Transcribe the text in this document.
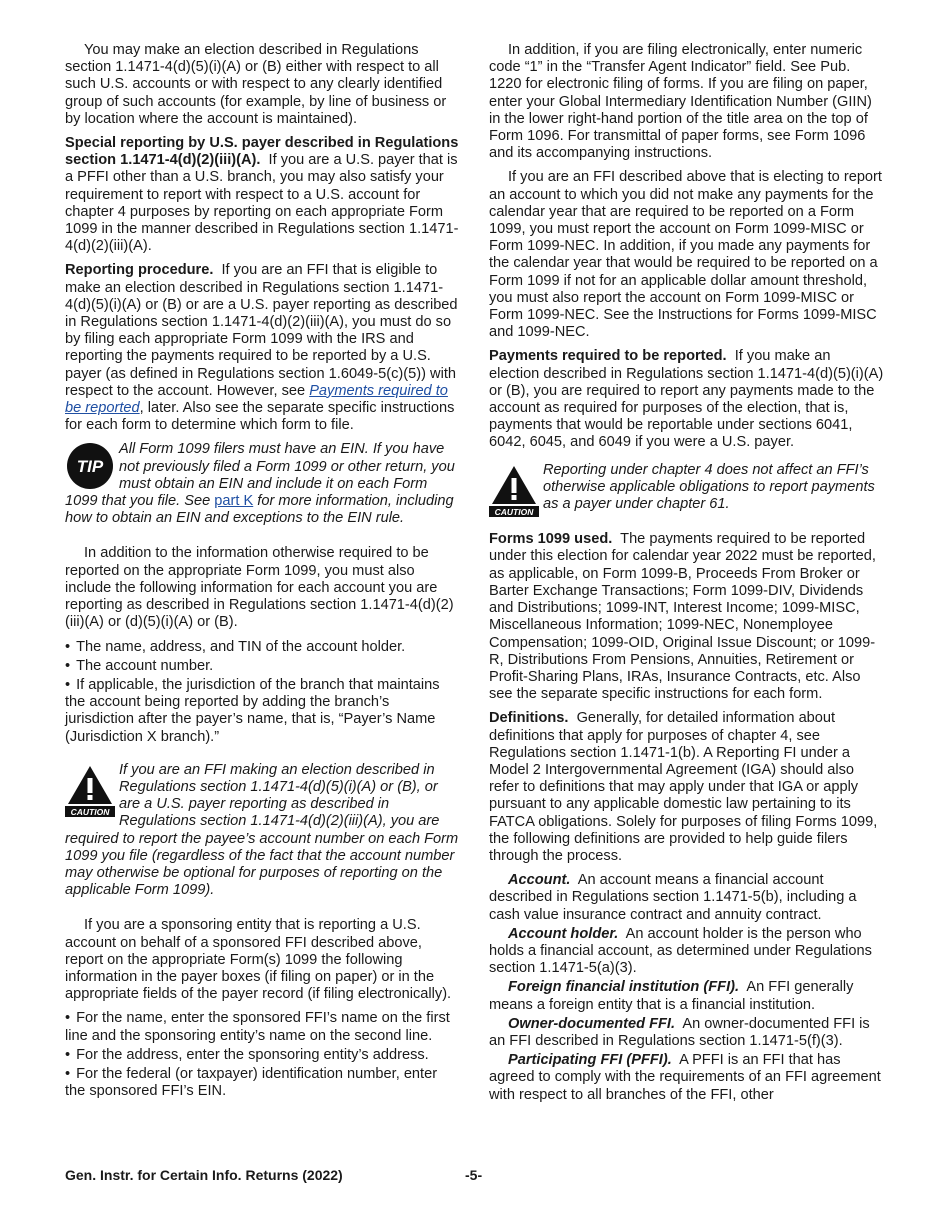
You may make an election described in Regulations section 1.1471-4(d)(5)(i)(A) or (B) either with respect to all such U.S. accounts or with respect to any clearly identified group of such accounts (for example, by line of business or by location where the account is maintained).

Special reporting by U.S. payer described in Regulations section 1.1471-4(d)(2)(iii)(A). If you are a U.S. payer that is a PFFI other than a U.S. branch, you may also satisfy your requirement to report with respect to a U.S. account for chapter 4 purposes by reporting on each appropriate Form 1099 in the manner described in Regulations section 1.1471-4(d)(2)(iii)(A).

Reporting procedure. If you are an FFI that is eligible to make an election described in Regulations section 1.1471-4(d)(5)(i)(A) or (B) or are a U.S. payer reporting as described in Regulations section 1.1471-4(d)(2)(iii)(A), you must do so by filing each appropriate Form 1099 with the IRS and reporting the payments required to be reported by a U.S. payer (as defined in Regulations section 1.6049-5(c)(5)) with respect to the account. However, see Payments required to be reported, later. Also see the separate specific instructions for each form to determine which form to file.

TIP
All Form 1099 filers must have an EIN. If you have not previously filed a Form 1099 or other return, you must obtain an EIN and include it on each Form 1099 that you file. See part K for more information, including how to obtain an EIN and exceptions to the EIN rule.

In addition to the information otherwise required to be reported on the appropriate Form 1099, you must also include the following information for each account you are reporting as described in Regulations section 1.1471-4(d)(2)(iii)(A) or (d)(5)(i)(A) or (B).

• The name, address, and TIN of the account holder.
• The account number.
• If applicable, the jurisdiction of the branch that maintains the account being reported by adding the branch’s jurisdiction after the payer’s name, that is, “Payer’s Name (Jurisdiction X branch).”
CAUTION
If you are an FFI making an election described in Regulations section 1.1471-4(d)(5)(i)(A) or (B), or are a U.S. payer reporting as described in Regulations section 1.1471-4(d)(2)(iii)(A), you are required to report the payee’s account number on each Form 1099 you file (regardless of the fact that the account number may otherwise be optional for purposes of reporting on the applicable Form 1099).

If you are a sponsoring entity that is reporting a U.S. account on behalf of a sponsored FFI described above, report on the appropriate Form(s) 1099 the following information in the payer boxes (if filing on paper) or in the appropriate fields of the payer record (if filing electronically).

• For the name, enter the sponsored FFI’s name on the first line and the sponsoring entity’s name on the second line.
• For the address, enter the sponsoring entity’s address.
• For the federal (or taxpayer) identification number, enter the sponsored FFI’s EIN.

In addition, if you are filing electronically, enter numeric code “1” in the “Transfer Agent Indicator” field. See Pub. 1220 for electronic filing of forms. If you are filing on paper, enter your Global Intermediary Identification Number (GIIN) in the lower right-hand portion of the title area on the top of Form 1096. For transmittal of paper forms, see Form 1096 and its accompanying instructions.

If you are an FFI described above that is electing to report an account to which you did not make any payments for the calendar year that are required to be reported on a Form 1099, you must report the account on Form 1099-MISC or Form 1099-NEC. In addition, if you made any payments for the calendar year that would be required to be reported on a Form 1099 if not for an applicable dollar amount threshold, you must also report the account on Form 1099-MISC or Form 1099-NEC. See the Instructions for Forms 1099-MISC and 1099-NEC.

Payments required to be reported. If you make an election described in Regulations section 1.1471-4(d)(5)(i)(A) or (B), you are required to report any payments made to the account as required for purposes of the election, that is, payments that would be reportable under sections 6041, 6042, 6045, and 6049 if you were a U.S. payer.

CAUTION
Reporting under chapter 4 does not affect an FFI’s otherwise applicable obligations to report payments as a payer under chapter 61.

Forms 1099 used. The payments required to be reported under this election for calendar year 2022 must be reported, as applicable, on Form 1099-B, Proceeds From Broker or Barter Exchange Transactions; Form 1099-DIV, Dividends and Distributions; 1099-INT, Interest Income; 1099-MISC, Miscellaneous Information; 1099-NEC, Nonemployee Compensation; 1099-OID, Original Issue Discount; or 1099-R, Distributions From Pensions, Annuities, Retirement or Profit-Sharing Plans, IRAs, Insurance Contracts, etc. Also see the separate specific instructions for each form.

Definitions. Generally, for detailed information about definitions that apply for purposes of chapter 4, see Regulations section 1.1471-1(b). A Reporting FI under a Model 2 Intergovernmental Agreement (IGA) should also refer to definitions that may apply under that IGA or apply pursuant to any applicable domestic law pertaining to its FATCA obligations. Solely for purposes of filing Forms 1099, the following definitions are provided to help guide filers through the process.

Account. An account means a financial account described in Regulations section 1.1471-5(b), including a cash value insurance contract and annuity contract.

Account holder. An account holder is the person who holds a financial account, as determined under Regulations section 1.1471-5(a)(3).

Foreign financial institution (FFI). An FFI generally means a foreign entity that is a financial institution.

Owner-documented FFI. An owner-documented FFI is an FFI described in Regulations section 1.1471-5(f)(3).

Participating FFI (PFFI). A PFFI is an FFI that has agreed to comply with the requirements of an FFI agreement with respect to all branches of the FFI, other

Gen. Instr. for Certain Info. Returns (2022)	-5-
